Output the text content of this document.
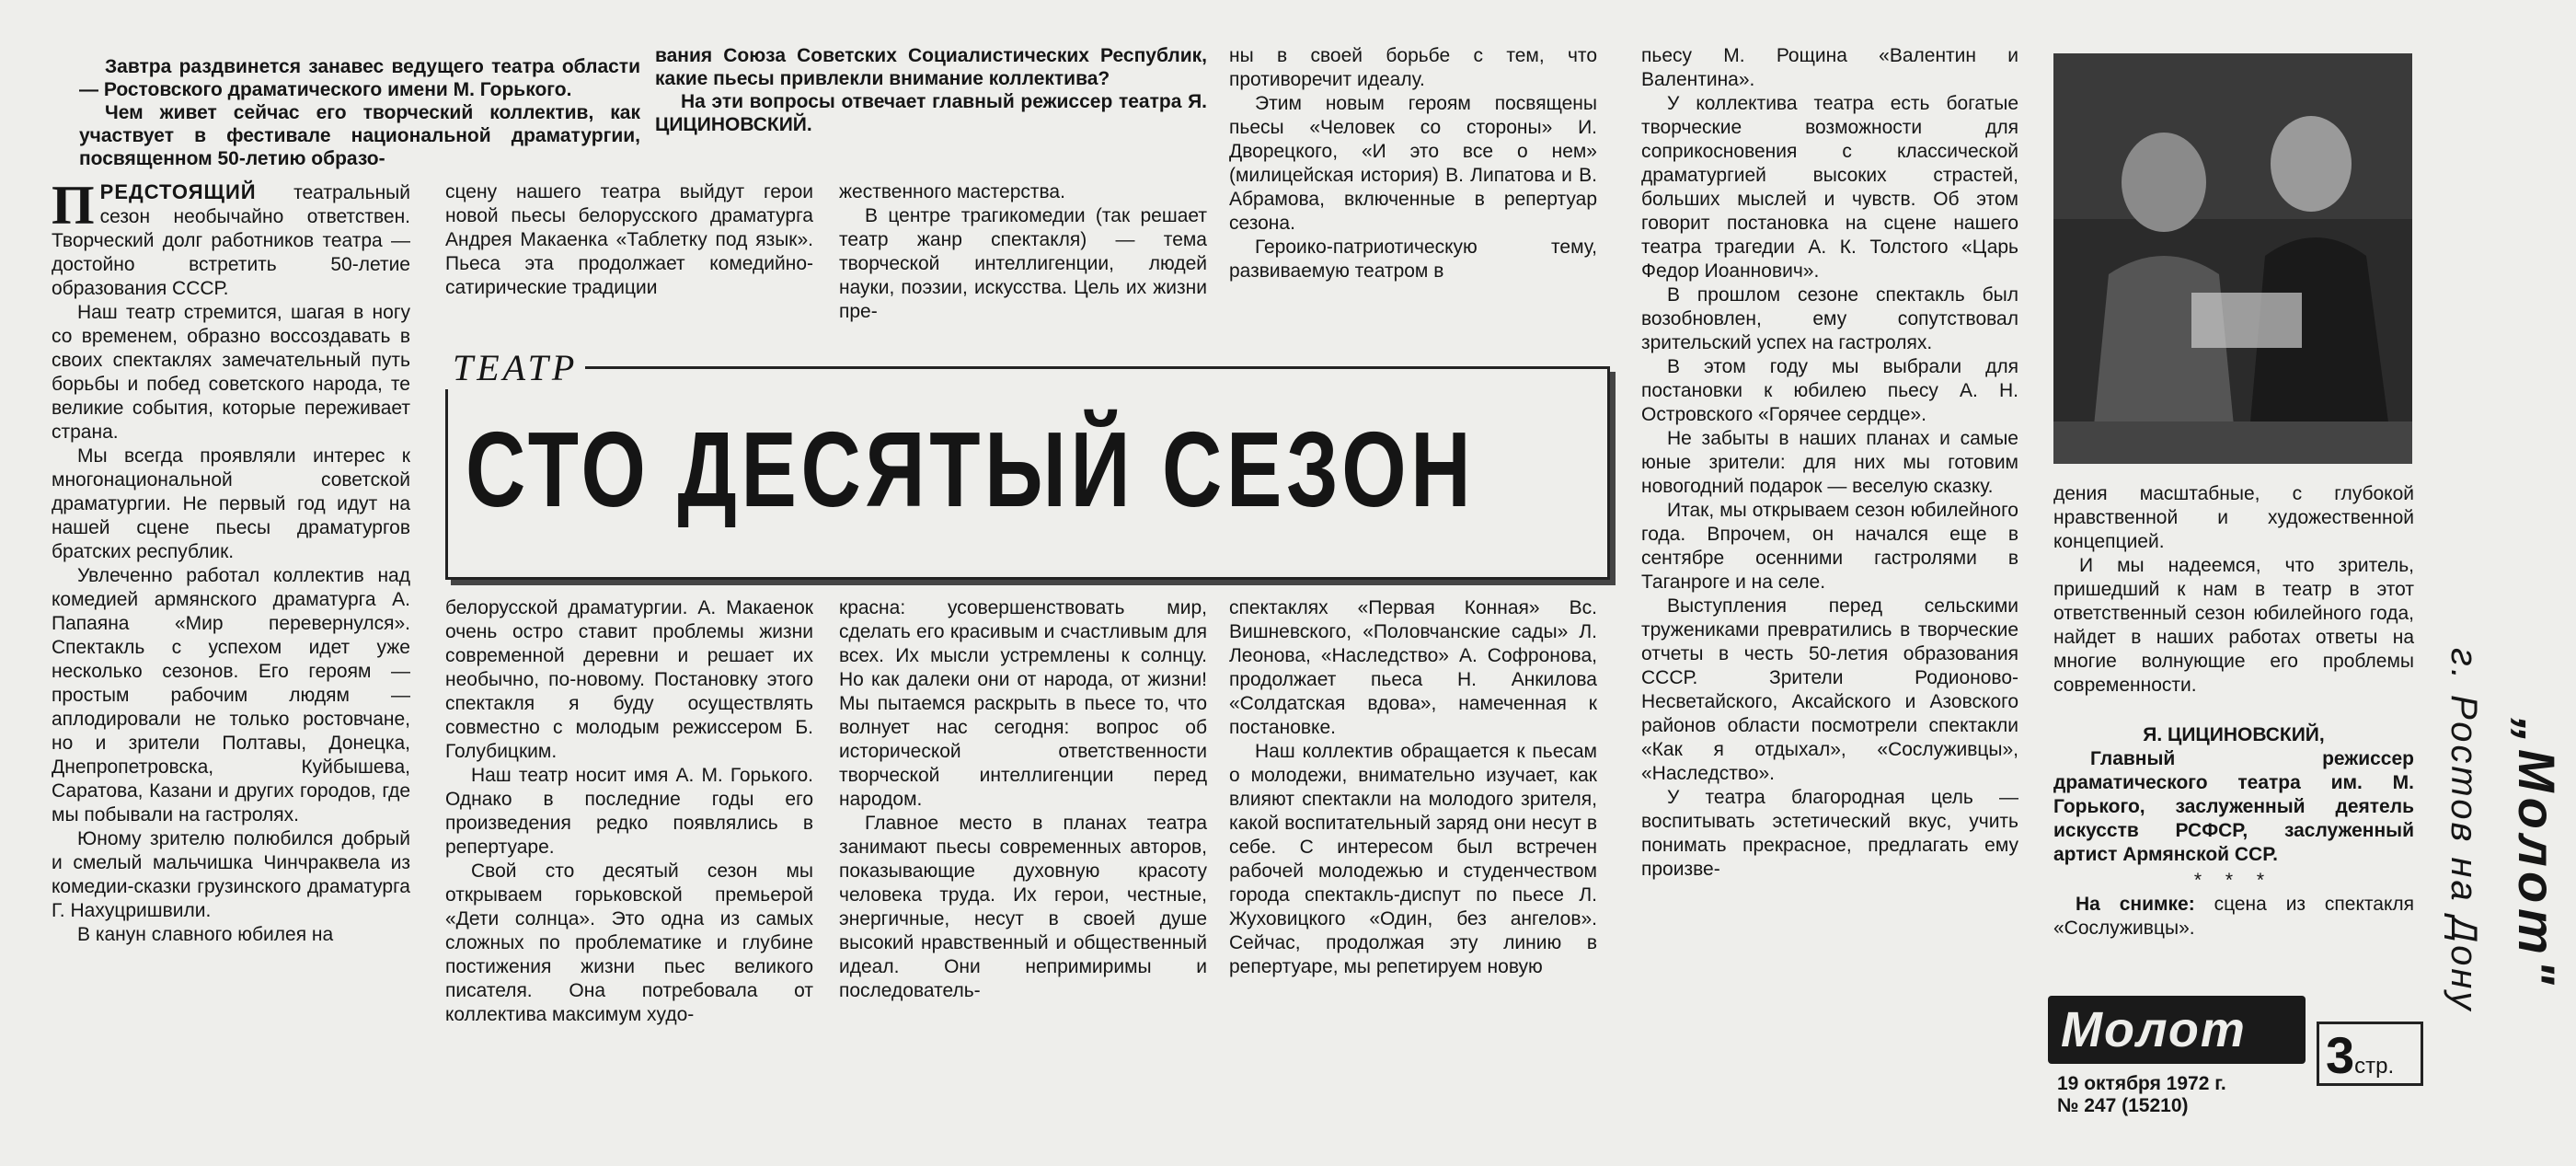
Завтра раздвинется занавес ведущего театра области — Ростовского драматического имени М. Горького.

Чем живет сейчас его творческий коллектив, как участвует в фестивале национальной драматургии, посвященном 50-летию образо-

вания Союза Советских Социалистических Республик, какие пьесы привлекли внимание коллектива?

На эти вопросы отвечает главный режиссер театра Я. ЦИЦИНОВСКИЙ.

ПРЕДСТОЯЩИЙ театральный сезон необычайно ответствен. Творческий долг работников театра — достойно встретить 50-летие образования СССР.

Наш театр стремится, шагая в ногу со временем, образно воссоздавать в своих спектаклях замечательный путь борьбы и побед советского народа, те великие события, которые переживает страна.

Мы всегда проявляли интерес к многонациональной советской драматургии. Не первый год идут на нашей сцене пьесы драматургов братских республик.

Увлеченно работал коллектив над комедией армянского драматурга А. Папаяна «Мир перевернулся». Спектакль с успехом идет уже несколько сезонов. Его героям — простым рабочим людям — аплодировали не только ростовчане, но и зрители Полтавы, Донецка, Днепропетровска, Куйбышева, Саратова, Казани и других городов, где мы побывали на гастролях.

Юному зрителю полюбился добрый и смелый мальчишка Чинчраквела из комедии-сказки грузинского драматурга Г. Нахуцришвили.

В канун славного юбилея на

сцену нашего театра выйдут герои новой пьесы белорусского драматурга Андрея Макаенка «Таблетку под язык». Пьеса эта продолжает комедийно-сатирические традиции

жественного мастерства.

В центре трагикомедии (так решает театр жанр спектакля) — тема творческой интеллигенции, людей науки, поэзии, искусства. Цель их жизни пре-

ны в своей борьбе с тем, что противоречит идеалу.

Этим новым героям посвящены пьесы «Человек со стороны» И. Дворецкого, «И это все о нем» (милицейская история) В. Липатова и В. Абрамова, включенные в репертуар сезона.

Героико-патриотическую тему, развиваемую театром в

ТЕАТР
СТО ДЕСЯТЫЙ СЕЗОН

белорусской драматургии. А. Макаенок очень остро ставит проблемы жизни современной деревни и решает их необычно, по-новому. Постановку этого спектакля я буду осуществлять совместно с молодым режиссером Б. Голубицким.

Наш театр носит имя А. М. Горького. Однако в последние годы его произведения редко появлялись в репертуаре.

Свой сто десятый сезон мы открываем горьковской премьерой «Дети солнца». Это одна из самых сложных по проблематике и глубине постижения жизни пьес великого писателя. Она потребовала от коллектива максимум худо-

красна: усовершенствовать мир, сделать его красивым и счастливым для всех. Их мысли устремлены к солнцу. Но как далеки они от народа, от жизни! Мы пытаемся раскрыть в пьесе то, что волнует нас сегодня: вопрос об исторической ответственности творческой интеллигенции перед народом.

Главное место в планах театра занимают пьесы современных авторов, показывающие духовную красоту человека труда. Их герои, честные, энергичные, несут в своей душе высокий нравственный и общественный идеал. Они непримиримы и последователь-

спектаклях «Первая Конная» Вс. Вишневского, «Половчанские сады» Л. Леонова, «Наследство» А. Софронова, продолжает пьеса Н. Анкилова «Солдатская вдова», намеченная к постановке.

Наш коллектив обращается к пьесам о молодежи, внимательно изучает, как влияют спектакли на молодого зрителя, какой воспитательный заряд они несут в себе. С интересом был встречен рабочей молодежью и студенчеством города спектакль-диспут по пьесе Л. Жуховицкого «Один, без ангелов». Сейчас, продолжая эту линию в репертуаре, мы репетируем новую

пьесу М. Рощина «Валентин и Валентина».

У коллектива театра есть богатые творческие возможности для соприкосновения с классической драматургией высоких страстей, больших мыслей и чувств. Об этом говорит постановка на сцене нашего театра трагедии А. К. Толстого «Царь Федор Иоаннович».

В прошлом сезоне спектакль был возобновлен, ему сопутствовал зрительский успех на гастролях.

В этом году мы выбрали для постановки к юбилею пьесу А. Н. Островского «Горячее сердце».

Не забыты в наших планах и самые юные зрители: для них мы готовим новогодний подарок — веселую сказку.

Итак, мы открываем сезон юбилейного года. Впрочем, он начался еще в сентябре осенними гастролями в Таганроге и на селе.

Выступления перед сельскими тружениками превратились в творческие отчеты в честь 50-летия образования СССР. Зрители Родионово-Несветайского, Аксайского и Азовского районов области посмотрели спектакли «Как я отдыхал», «Сослуживцы», «Наследство».

У театра благородная цель — воспитывать эстетический вкус, учить понимать прекрасное, предлагать ему произве-

дения масштабные, с глубокой нравственной и художественной концепцией.

И мы надеемся, что зритель, пришедший к нам в театр в этот ответственный сезон юбилейного года, найдет в наших работах ответы на многие волнующие его проблемы современности.

Я. ЦИЦИНОВСКИЙ,

Главный режиссер драматического театра им. М. Горького, заслуженный деятель искусств РСФСР, заслуженный артист Армянской ССР.

* * *

На снимке: сцена из спектакля «Сослуживцы».

Молот 3стр.
19 октября 1972 г.
№ 247 (15210)
„Молот"
г. Ростов на Дону
